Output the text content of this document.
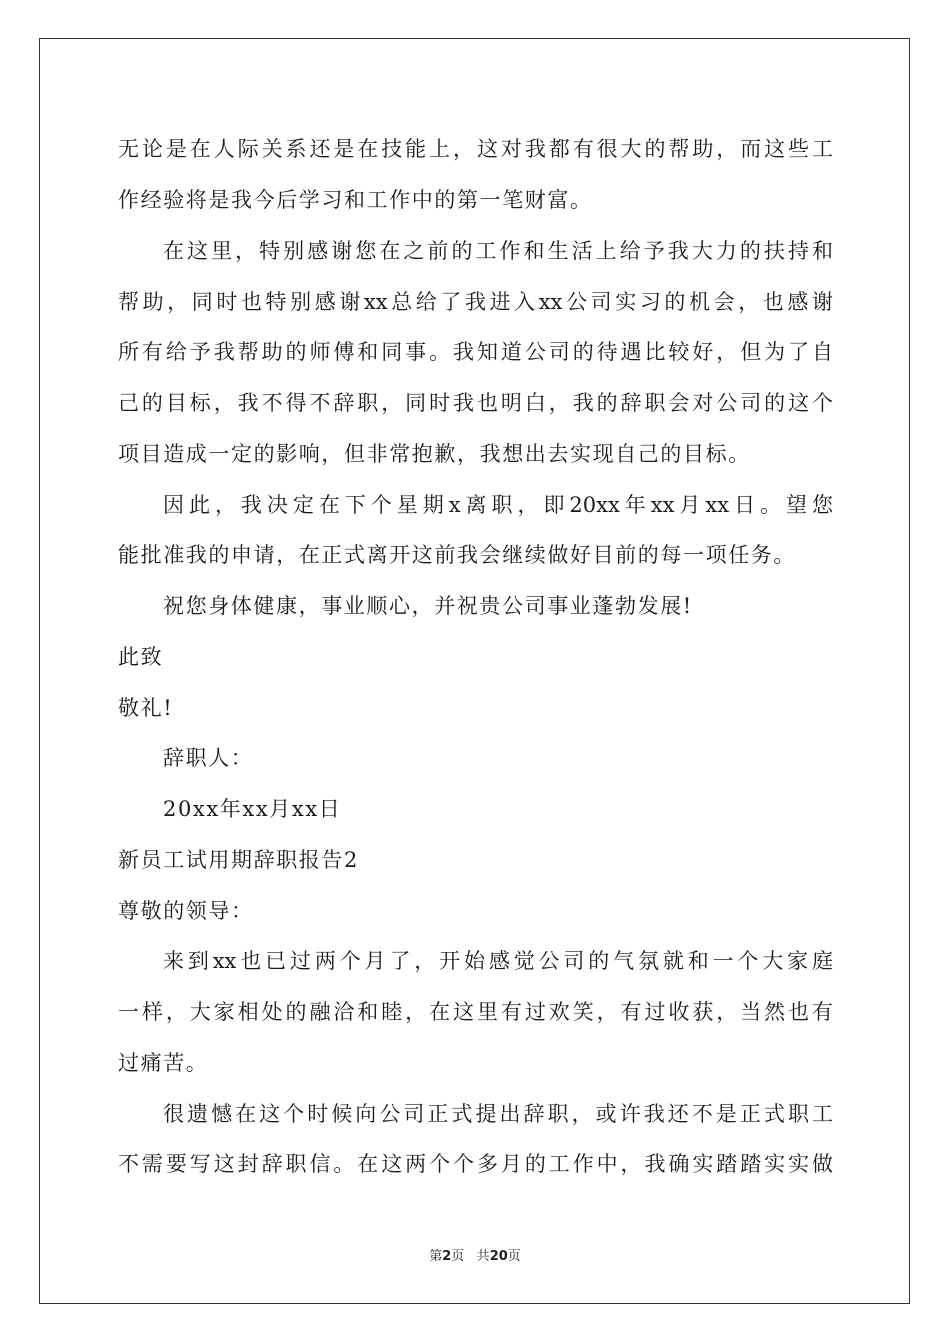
无论是在人际关系还是在技能上，这对我都有很大的帮助，而这些工
作经验将是我今后学习和工作中的第一笔财富。
在这里，特别感谢您在之前的工作和生活上给予我大力的扶持和
帮助，同时也特别感谢xx总给了我进入xx公司实习的机会，也感谢
所有给予我帮助的师傅和同事。我知道公司的待遇比较好，但为了自
己的目标，我不得不辞职，同时我也明白，我的辞职会对公司的这个
项目造成一定的影响，但非常抱歉，我想出去实现自己的目标。
因此，我决定在下个星期x离职，即20xx年xx月xx日。望您
能批准我的申请，在正式离开这前我会继续做好目前的每一项任务。
祝您身体健康，事业顺心，并祝贵公司事业蓬勃发展!
此致
敬礼!
辞职人：
20xx年xx月xx日
新员工试用期辞职报告2
尊敬的领导：
来到xx也已过两个月了，开始感觉公司的气氛就和一个大家庭
一样，大家相处的融洽和睦，在这里有过欢笑，有过收获，当然也有
过痛苦。
很遗憾在这个时候向公司正式提出辞职，或许我还不是正式职工
不需要写这封辞职信。在这两个个多月的工作中，我确实踏踏实实做
第2页 共20页
